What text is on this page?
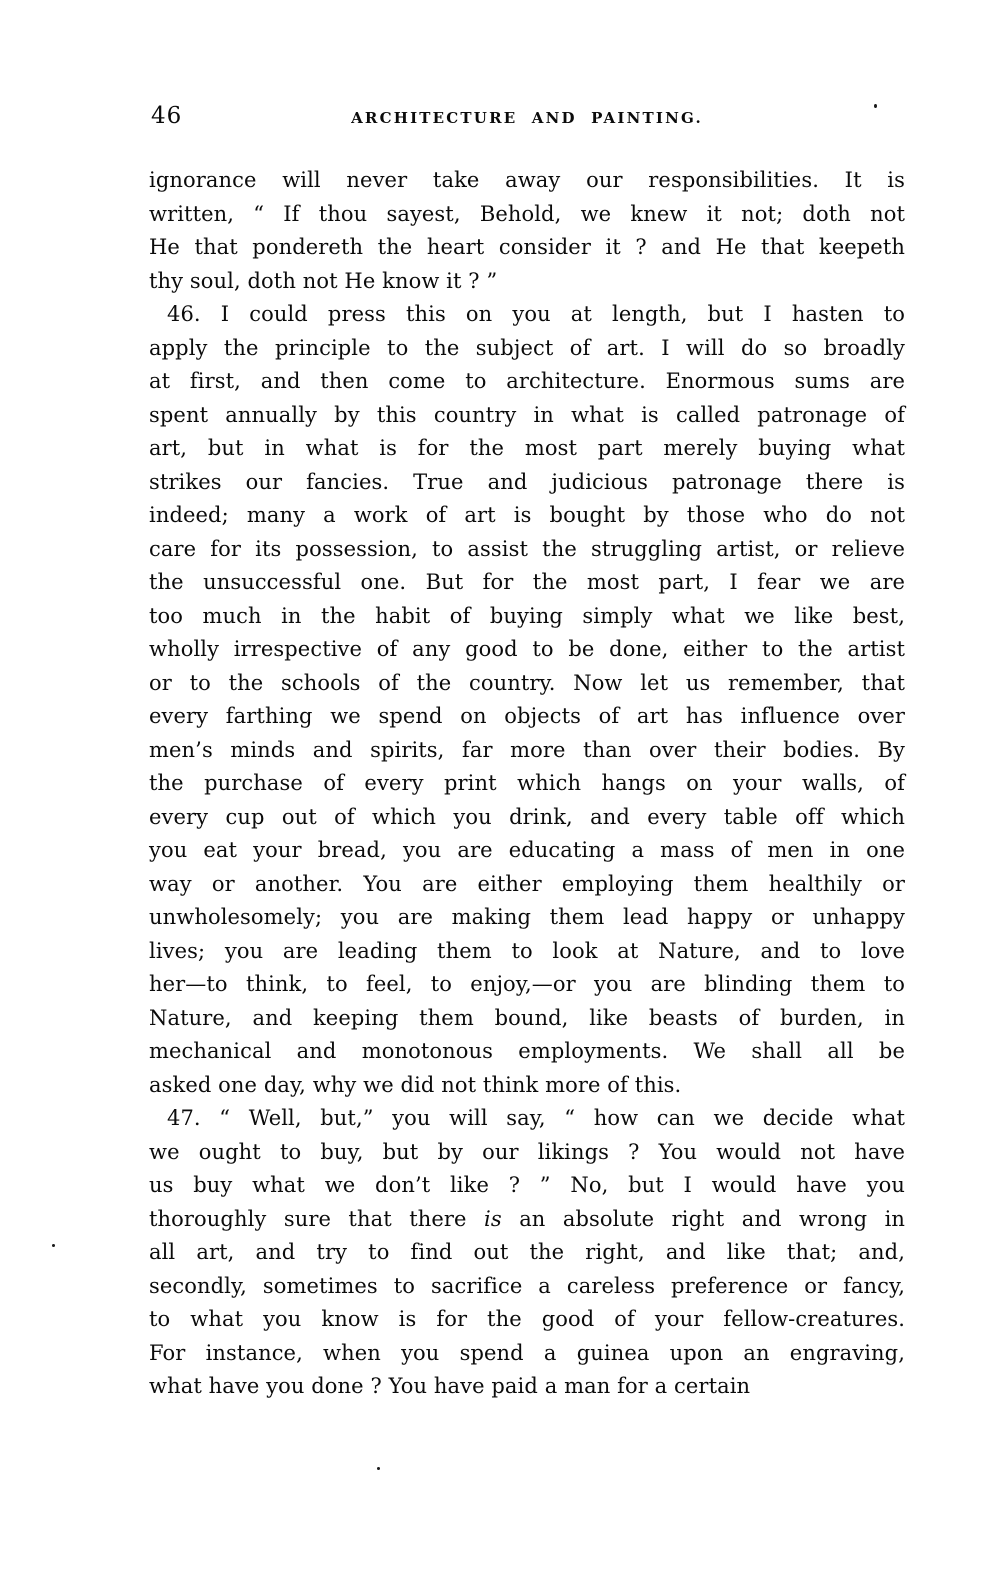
46	ARCHITECTURE AND PAINTING.
ignorance will never take away our responsibilities. It is
written, “ If thou sayest, Behold, we knew it not; doth not
He that pondereth the heart consider it ? and He that keepeth
thy soul, doth not He know it ? ”
46. I could press this on you at length, but I hasten to
apply the principle to the subject of art. I will do so broadly
at first, and then come to architecture. Enormous sums are
spent annually by this country in what is called patronage of
art, but in what is for the most part merely buying what
strikes our fancies. True and judicious patronage there is
indeed; many a work of art is bought by those who do not
care for its possession, to assist the struggling artist, or relieve
the unsuccessful one. But for the most part, I fear we are
too much in the habit of buying simply what we like best,
wholly irrespective of any good to be done, either to the artist
or to the schools of the country. Now let us remember, that
every farthing we spend on objects of art has influence over
men’s minds and spirits, far more than over their bodies. By
the purchase of every print which hangs on your walls, of
every cup out of which you drink, and every table off which
you eat your bread, you are educating a mass of men in one
way or another. You are either employing them healthily or
unwholesomely; you are making them lead happy or unhappy
lives; you are leading them to look at Nature, and to love
her—to think, to feel, to enjoy,—or you are blinding them to
Nature, and keeping them bound, like beasts of burden, in
mechanical and monotonous employments. We shall all be
asked one day, why we did not think more of this.
47. “ Well, but,” you will say, “ how can we decide what
we ought to buy, but by our likings ? You would not have
us buy what we don’t like ? ” No, but I would have you
thoroughly sure that there is an absolute right and wrong in
all art, and try to find out the right, and like that; and,
secondly, sometimes to sacrifice a careless preference or fancy,
to what you know is for the good of your fellow-creatures.
For instance, when you spend a guinea upon an engraving,
what have you done ? You have paid a man for a certain
